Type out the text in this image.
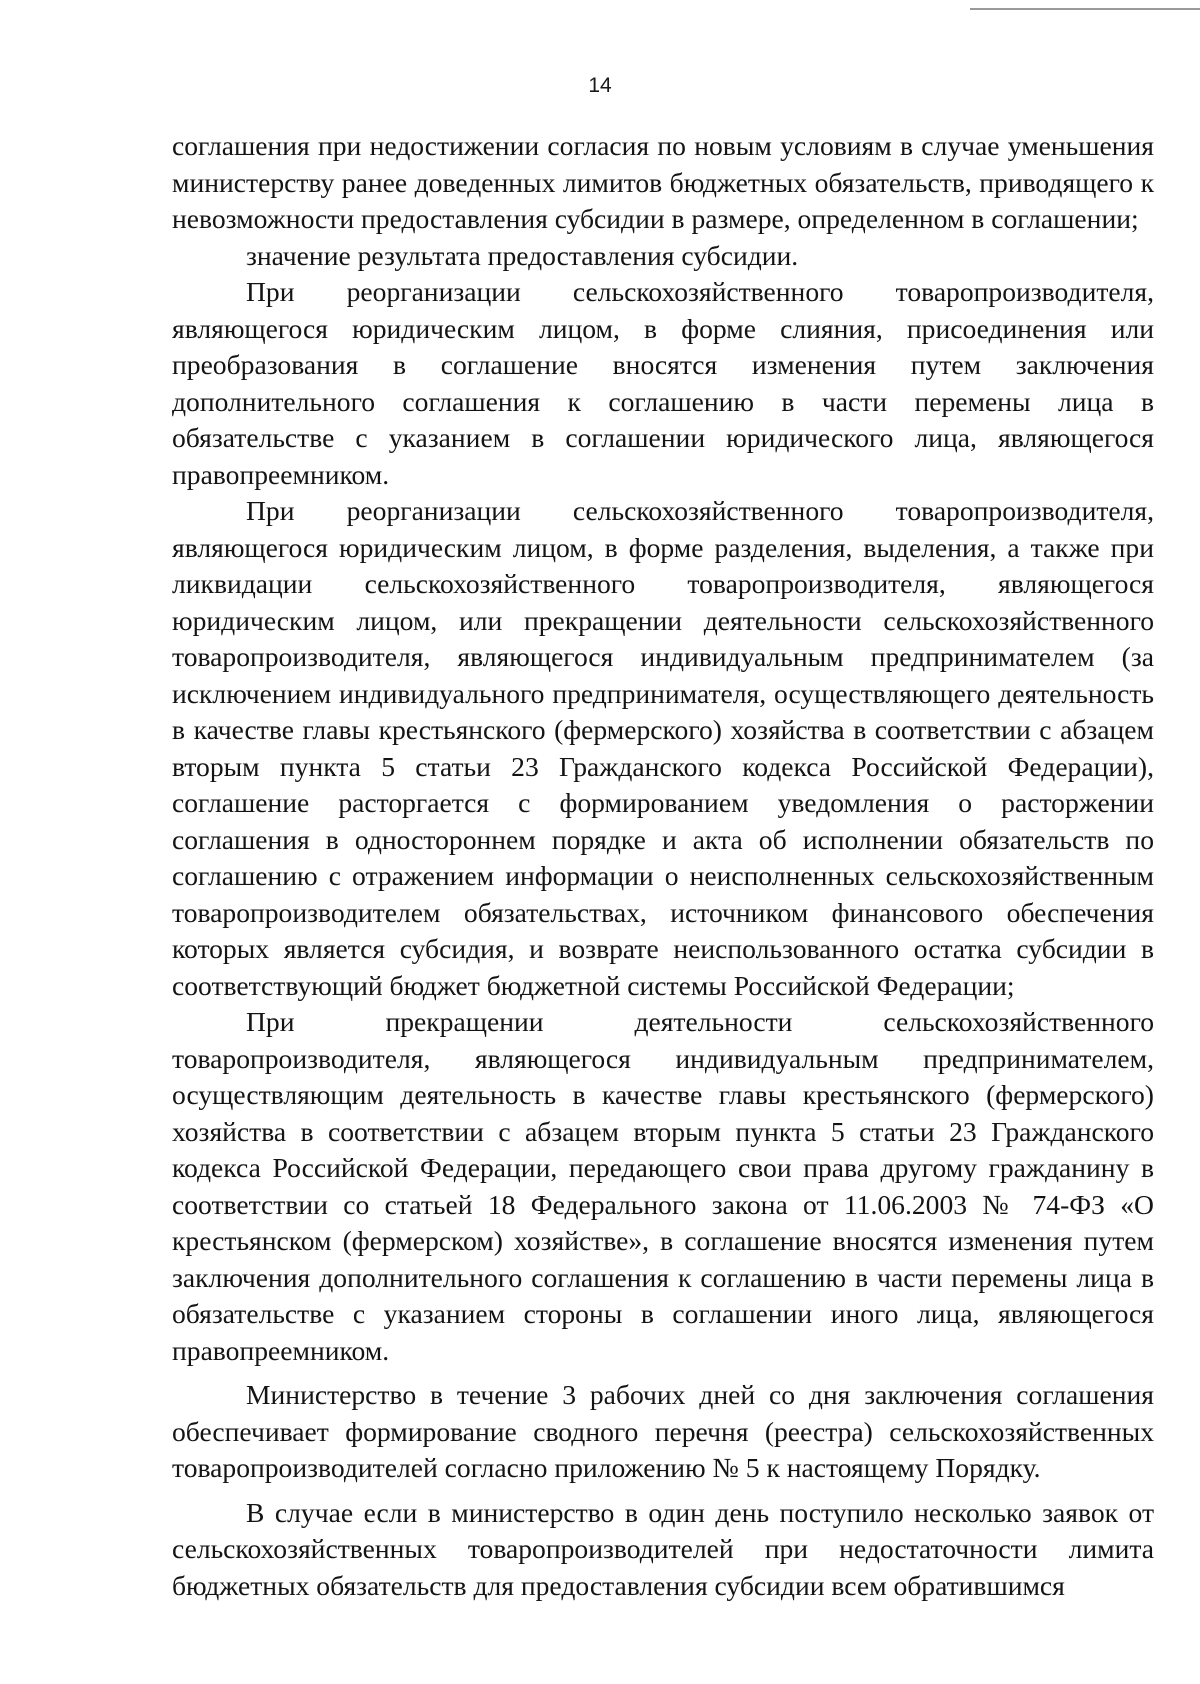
14

соглашения при недостижении согласия по новым условиям в случае уменьшения министерству ранее доведенных лимитов бюджетных обязательств, приводящего к невозможности предоставления субсидии в размере, определенном в соглашении;

значение результата предоставления субсидии.

При реорганизации сельскохозяйственного товаропроизводителя, являющегося юридическим лицом, в форме слияния, присоединения или преобразования в соглашение вносятся изменения путем заключения дополнительного соглашения к соглашению в части перемены лица в обязательстве с указанием в соглашении юридического лица, являющегося правопреемником.

При реорганизации сельскохозяйственного товаропроизводителя, являющегося юридическим лицом, в форме разделения, выделения, а также при ликвидации сельскохозяйственного товаропроизводителя, являющегося юридическим лицом, или прекращении деятельности сельскохозяйственного товаропроизводителя, являющегося индивидуальным предпринимателем (за исключением индивидуального предпринимателя, осуществляющего деятельность в качестве главы крестьянского (фермерского) хозяйства в соответствии с абзацем вторым пункта 5 статьи 23 Гражданского кодекса Российской Федерации), соглашение расторгается с формированием уведомления о расторжении соглашения в одностороннем порядке и акта об исполнении обязательств по соглашению с отражением информации о неисполненных сельскохозяйственным товаропроизводителем обязательствах, источником финансового обеспечения которых является субсидия, и возврате неиспользованного остатка субсидии в соответствующий бюджет бюджетной системы Российской Федерации;

При прекращении деятельности сельскохозяйственного товаропроизводителя, являющегося индивидуальным предпринимателем, осуществляющим деятельность в качестве главы крестьянского (фермерского) хозяйства в соответствии с абзацем вторым пункта 5 статьи 23 Гражданского кодекса Российской Федерации, передающего свои права другому гражданину в соответствии со статьей 18 Федерального закона от 11.06.2003 № 74-ФЗ «О крестьянском (фермерском) хозяйстве», в соглашение вносятся изменения путем заключения дополнительного соглашения к соглашению в части перемены лица в обязательстве с указанием стороны в соглашении иного лица, являющегося правопреемником.

Министерство в течение 3 рабочих дней со дня заключения соглашения обеспечивает формирование сводного перечня (реестра) сельскохозяйственных товаропроизводителей согласно приложению № 5 к настоящему Порядку.

В случае если в министерство в один день поступило несколько заявок от сельскохозяйственных товаропроизводителей при недостаточности лимита бюджетных обязательств для предоставления субсидии всем обратившимся
